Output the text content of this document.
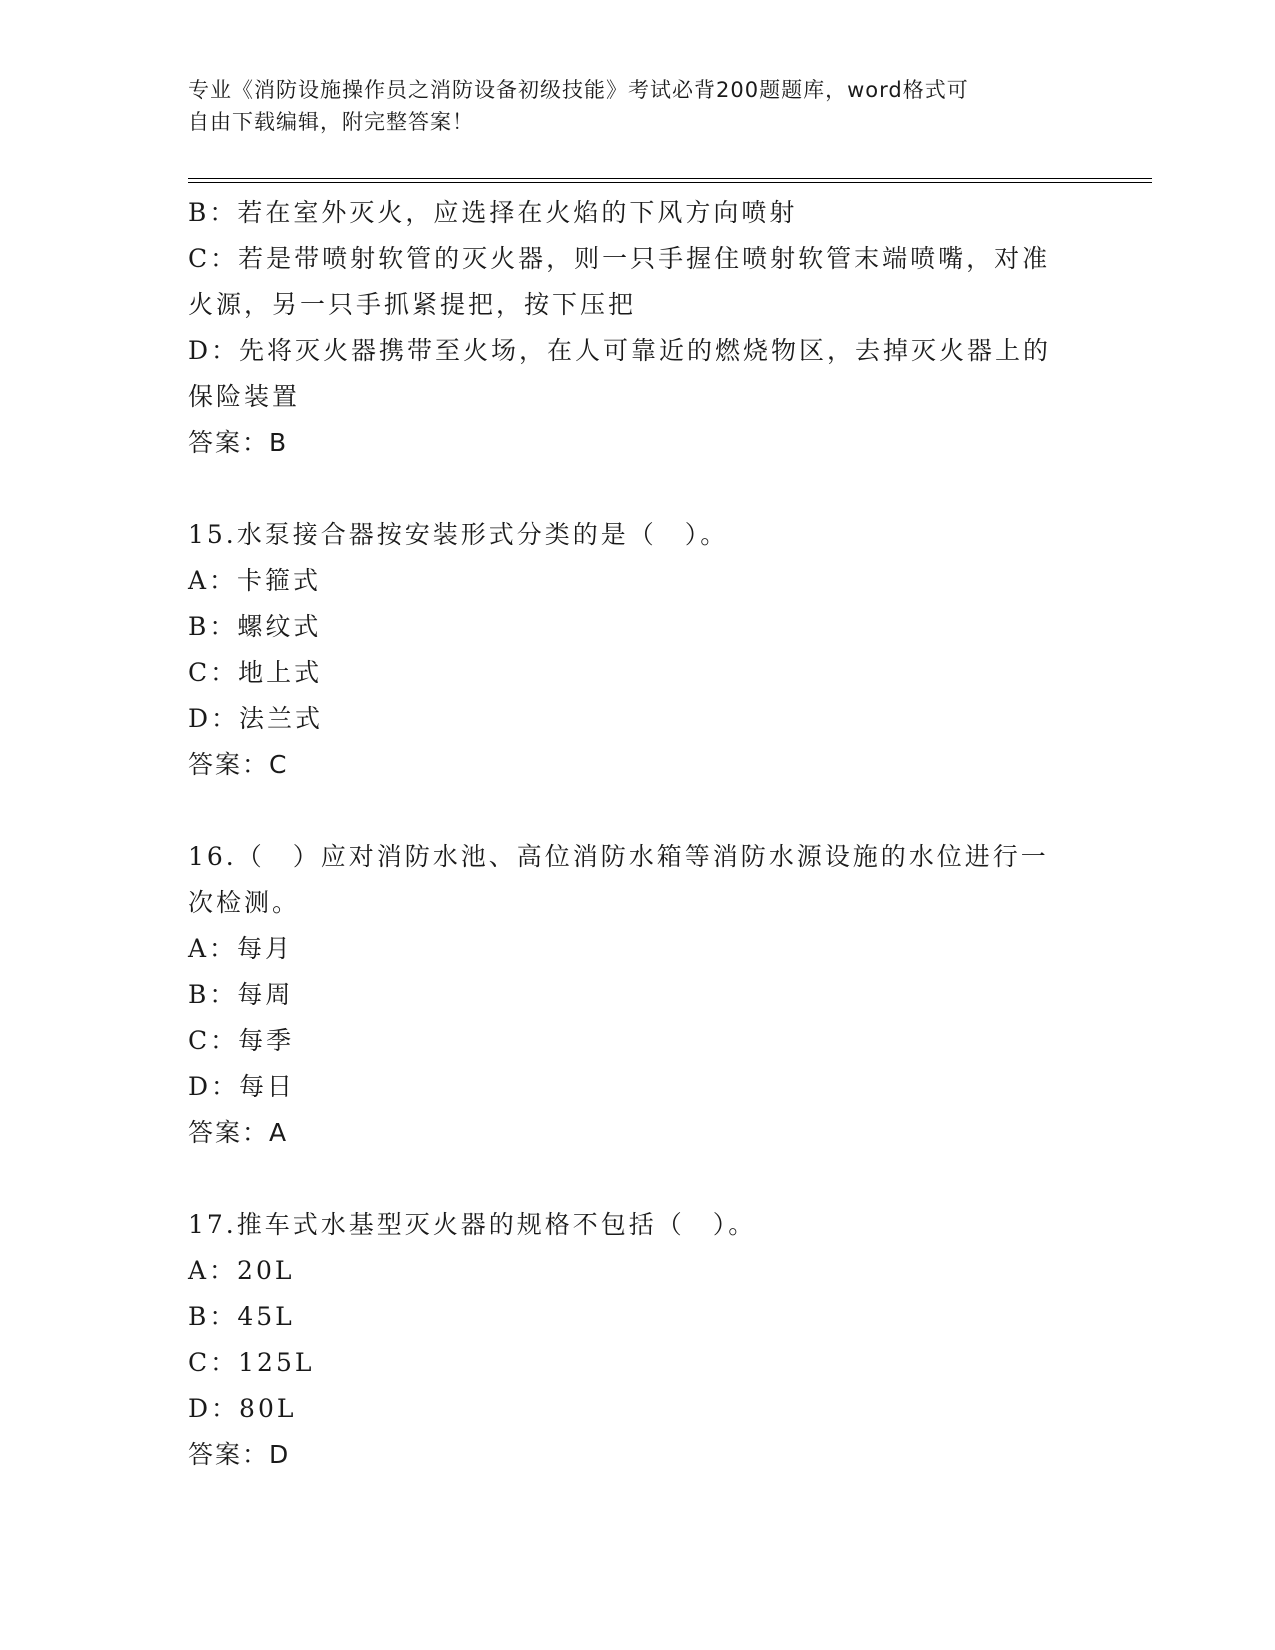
专业《消防设施操作员之消防设备初级技能》考试必背200题题库，word格式可
自由下载编辑，附完整答案！
B：若在室外灭火，应选择在火焰的下风方向喷射
C：若是带喷射软管的灭火器，则一只手握住喷射软管末端喷嘴，对准
火源，另一只手抓紧提把，按下压把
D：先将灭火器携带至火场，在人可靠近的燃烧物区，去掉灭火器上的
保险装置
答案：B
15.水泵接合器按安装形式分类的是（　）。
A：卡箍式
B：螺纹式
C：地上式
D：法兰式
答案：C
16.（　）应对消防水池、高位消防水箱等消防水源设施的水位进行一
次检测。
A：每月
B：每周
C：每季
D：每日
答案：A
17.推车式水基型灭火器的规格不包括（　）。
A：20L
B：45L
C：125L
D：80L
答案：D
